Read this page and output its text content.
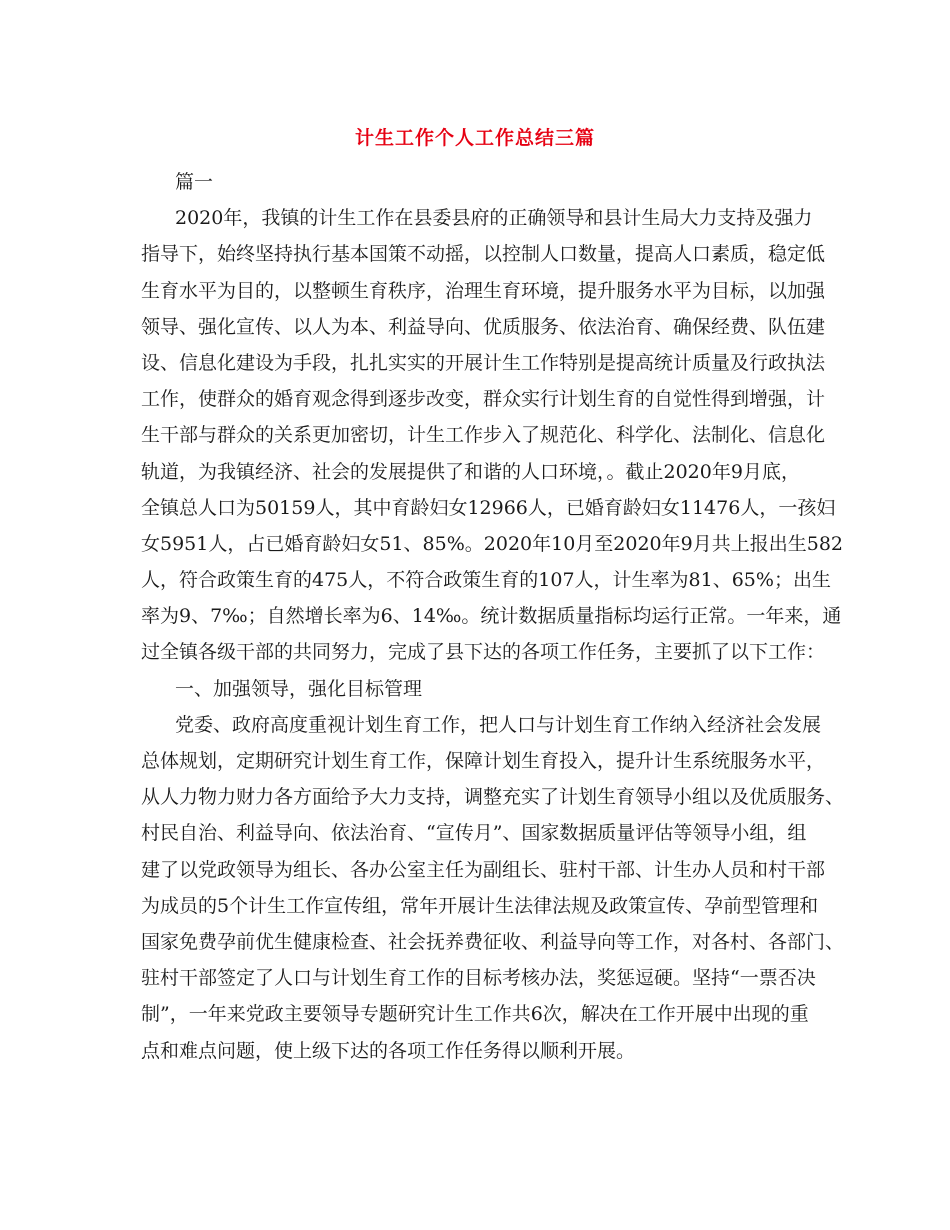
计生工作个人工作总结三篇
篇一
2020年，我镇的计生工作在县委县府的正确领导和县计生局大力支持及强力
指导下，始终坚持执行基本国策不动摇，以控制人口数量，提高人口素质，稳定低
生育水平为目的，以整顿生育秩序，治理生育环境，提升服务水平为目标，以加强
领导、强化宣传、以人为本、利益导向、优质服务、依法治育、确保经费、队伍建
设、信息化建设为手段，扎扎实实的开展计生工作特别是提高统计质量及行政执法
工作，使群众的婚育观念得到逐步改变，群众实行计划生育的自觉性得到增强，计
生干部与群众的关系更加密切，计生工作步入了规范化、科学化、法制化、信息化
轨道，为我镇经济、社会的发展提供了和谐的人口环境，。截止2020年9月底，
全镇总人口为50159人，其中育龄妇女12966人，已婚育龄妇女11476人，一孩妇
女5951人，占已婚育龄妇女51、85%。2020年10月至2020年9月共上报出生582
人，符合政策生育的475人，不符合政策生育的107人，计生率为81、65%；出生
率为9、7‰；自然增长率为6、14‰。统计数据质量指标均运行正常。一年来，通
过全镇各级干部的共同努力，完成了县下达的各项工作任务，主要抓了以下工作：
一、加强领导，强化目标管理
党委、政府高度重视计划生育工作，把人口与计划生育工作纳入经济社会发展
总体规划，定期研究计划生育工作，保障计划生育投入，提升计生系统服务水平，
从人力物力财力各方面给予大力支持，调整充实了计划生育领导小组以及优质服务、
村民自治、利益导向、依法治育、“宣传月”、国家数据质量评估等领导小组，组
建了以党政领导为组长、各办公室主任为副组长、驻村干部、计生办人员和村干部
为成员的5个计生工作宣传组，常年开展计生法律法规及政策宣传、孕前型管理和
国家免费孕前优生健康检查、社会抚养费征收、利益导向等工作，对各村、各部门、
驻村干部签定了人口与计划生育工作的目标考核办法，奖惩逗硬。坚持“一票否决
制”，一年来党政主要领导专题研究计生工作共6次，解决在工作开展中出现的重
点和难点问题，使上级下达的各项工作任务得以顺利开展。
